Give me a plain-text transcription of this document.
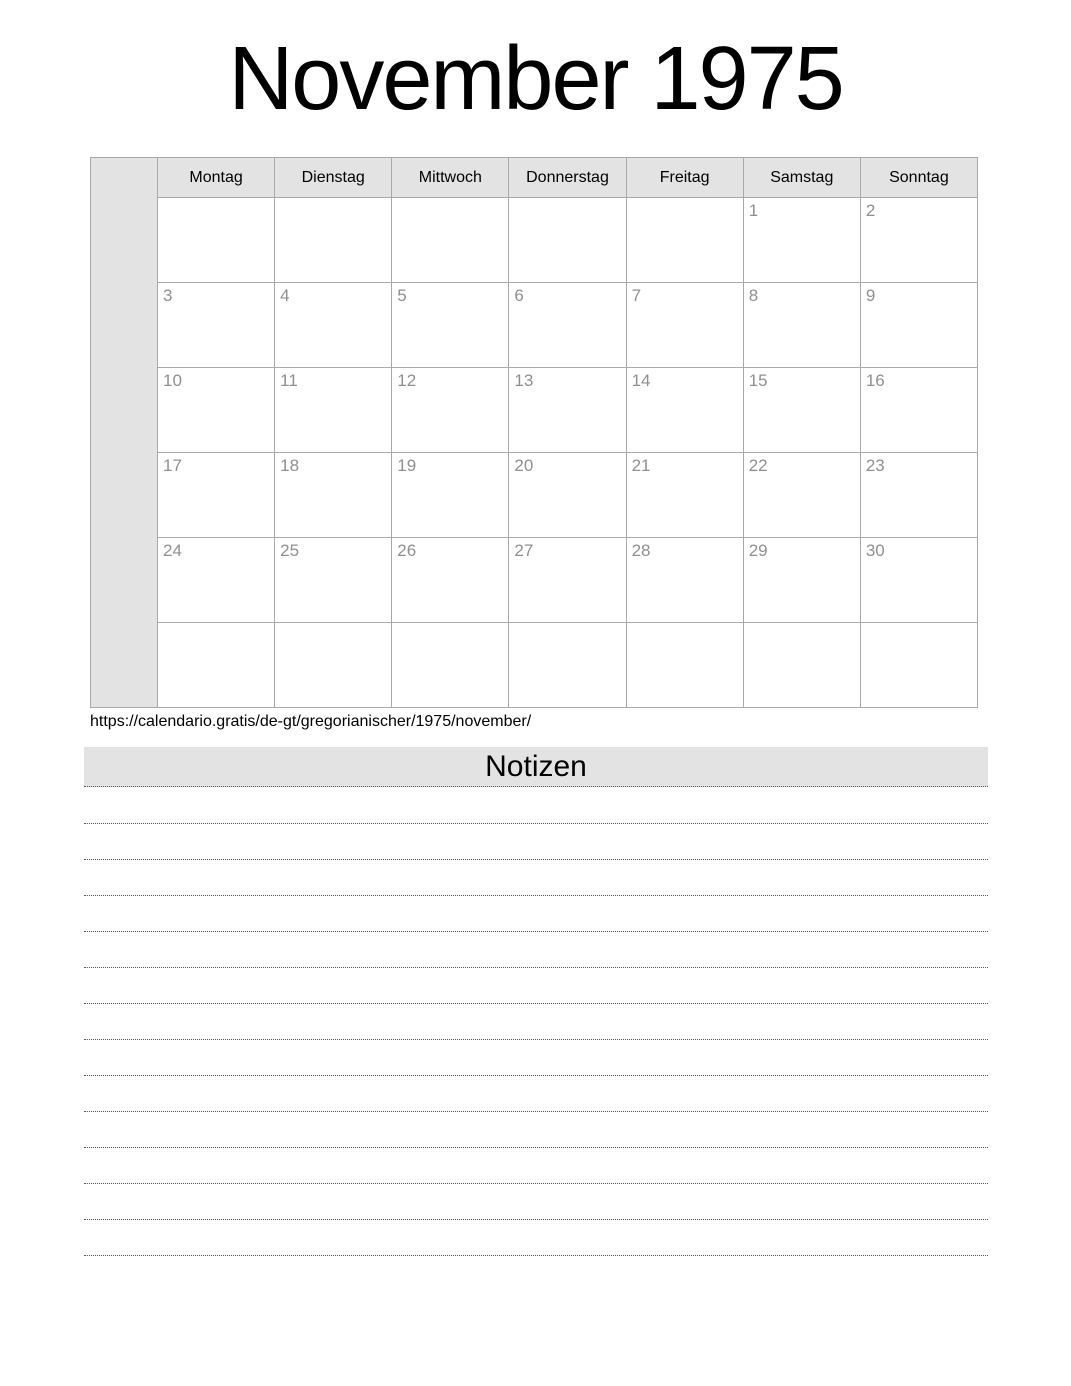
November 1975
	Montag	Dienstag	Mittwoch	Donnerstag	Freitag	Samstag	Sonntag
						1	2
	3	4	5	6	7	8	9
	10	11	12	13	14	15	16
	17	18	19	20	21	22	23
	24	25	26	27	28	29	30

https://calendario.gratis/de-gt/gregorianischer/1975/november/
Notizen
